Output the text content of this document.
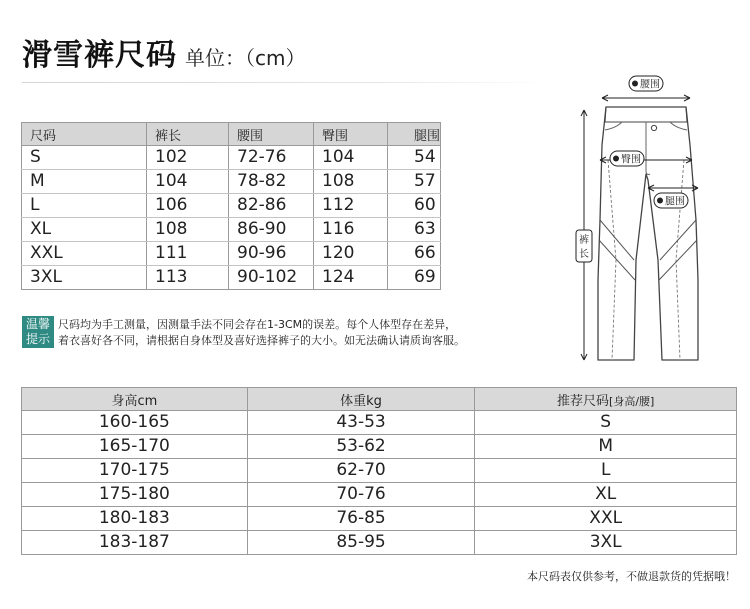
滑雪裤尺码 单位：（cm）
尺码	裤长	腰围	臀围	腿围
S	102	72-76	104	54
M	104	78-82	108	57
L	106	82-86	112	60
XL	108	86-90	116	63
XXL	111	90-96	120	66
3XL	113	90-102	124	69
温馨
提示
尺码均为手工测量，因测量手法不同会存在1-3CM的误差。每个人体型存在差异，
着衣喜好各不同，请根据自身体型及喜好选择裤子的大小。如无法确认请质询客服。
腰围
臀围
腿围
裤
长
身高cm	体重kg	推荐尺码[身高/腰]
160-165	43-53	S
165-170	53-62	M
170-175	62-70	L
175-180	70-76	XL
180-183	76-85	XXL
183-187	85-95	3XL
本尺码表仅供参考，不做退款货的凭据哦！
